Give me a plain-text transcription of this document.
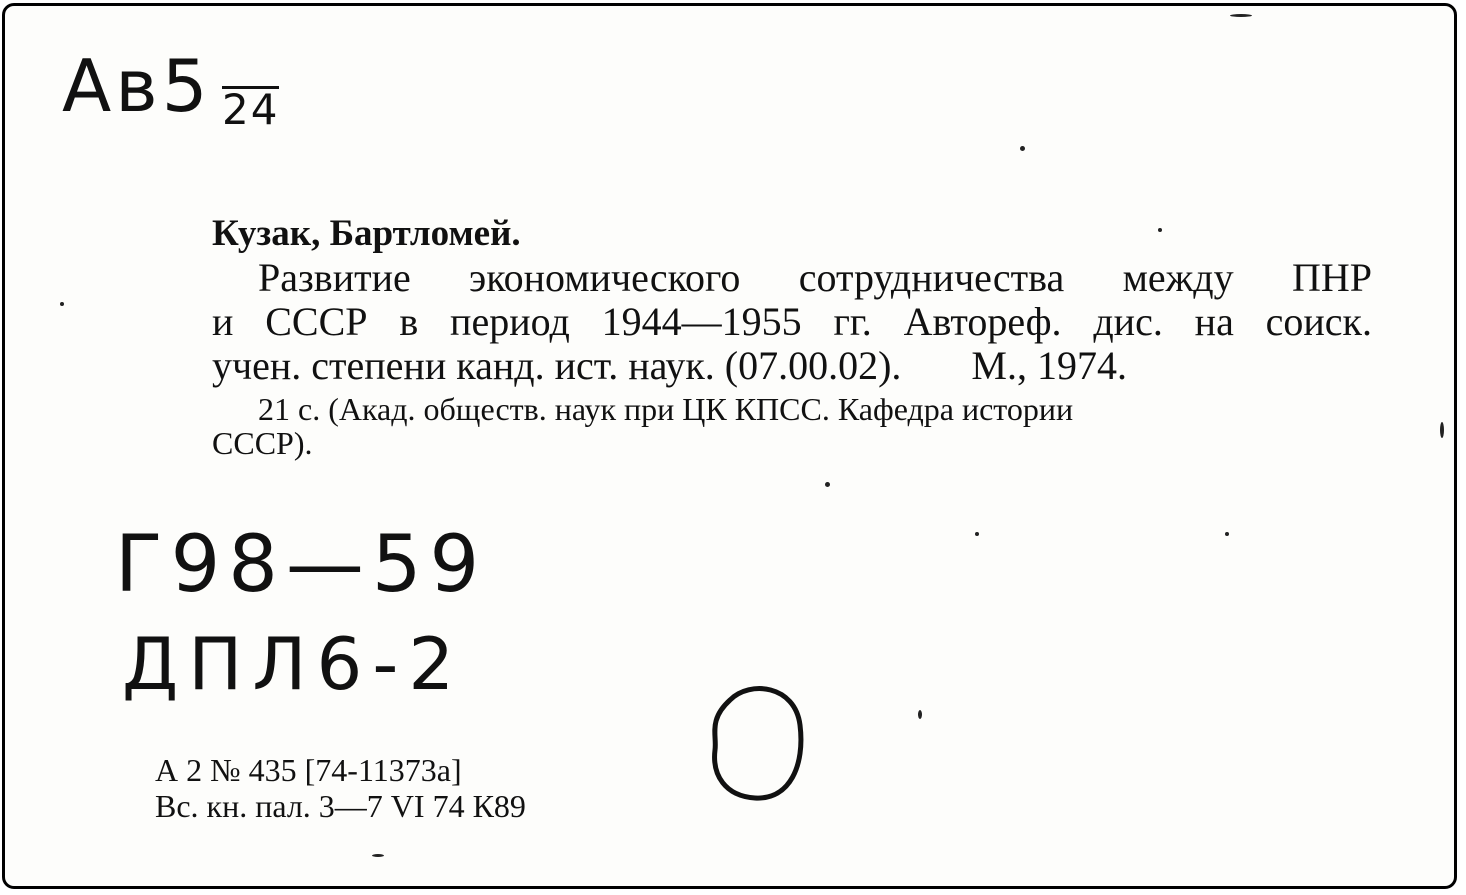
Ав5 24
Кузак, Бартломей.
Развитие экономического сотрудничества между ПНР
и СССР в период 1944—1955 гг. Автореф. дис. на соиск.
учен. степени канд. ист. наук. (07.00.02). М., 1974.
21 с. (Акад. обществ. наук при ЦК КПСС. Кафедра истории
СССР).
Г98—59
ДПЛ6-2
А 2 № 435 [74-11373а]
Вс. кн. пал. 3—7 VI 74 К89
